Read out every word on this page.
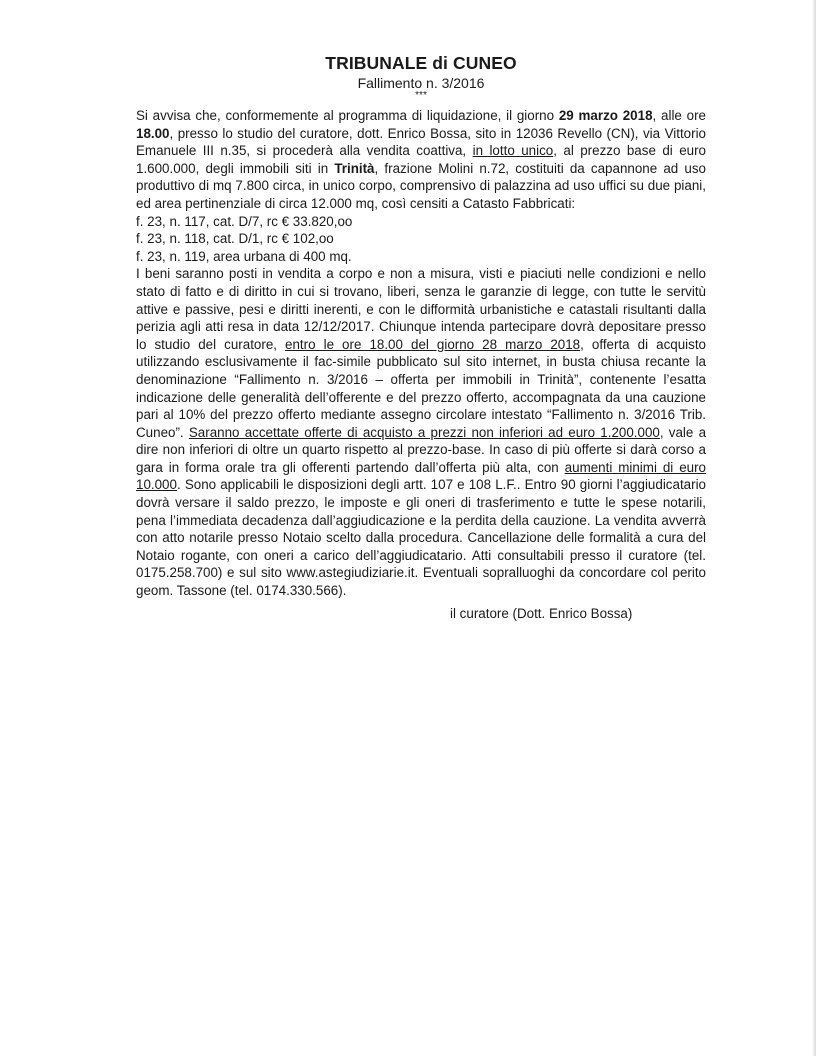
TRIBUNALE di CUNEO

Fallimento n. 3/2016

***

Si avvisa che, conformemente al programma di liquidazione, il giorno 29 marzo 2018, alle ore 18.00, presso lo studio del curatore, dott. Enrico Bossa, sito in 12036 Revello (CN), via Vittorio Emanuele III n.35, si procederà alla vendita coattiva, in lotto unico, al prezzo base di euro 1.600.000, degli immobili siti in Trinità, frazione Molini n.72, costituiti da capannone ad uso produttivo di mq 7.800 circa, in unico corpo, comprensivo di palazzina ad uso uffici su due piani, ed area pertinenziale di circa 12.000 mq, così censiti a Catasto Fabbricati:

f. 23, n. 117, cat. D/7, rc € 33.820,oo
f. 23, n. 118, cat. D/1, rc € 102,oo
f. 23, n. 119, area urbana di 400 mq.

I beni saranno posti in vendita a corpo e non a misura, visti e piaciuti nelle condizioni e nello stato di fatto e di diritto in cui si trovano, liberi, senza le garanzie di legge, con tutte le servitù attive e passive, pesi e diritti inerenti, e con le difformità urbanistiche e catastali risultanti dalla perizia agli atti resa in data 12/12/2017. Chiunque intenda partecipare dovrà depositare presso lo studio del curatore, entro le ore 18.00 del giorno 28 marzo 2018, offerta di acquisto utilizzando esclusivamente il fac-simile pubblicato sul sito internet, in busta chiusa recante la denominazione “Fallimento n. 3/2016 – offerta per immobili in Trinità”, contenente l’esatta indicazione delle generalità dell’offerente e del prezzo offerto, accompagnata da una cauzione pari al 10% del prezzo offerto mediante assegno circolare intestato “Fallimento n. 3/2016 Trib. Cuneo”. Saranno accettate offerte di acquisto a prezzi non inferiori ad euro 1.200.000, vale a dire non inferiori di oltre un quarto rispetto al prezzo-base. In caso di più offerte si darà corso a gara in forma orale tra gli offerenti partendo dall’offerta più alta, con aumenti minimi di euro 10.000. Sono applicabili le disposizioni degli artt. 107 e 108 L.F.. Entro 90 giorni l’aggiudicatario dovrà versare il saldo prezzo, le imposte e gli oneri di trasferimento e tutte le spese notarili, pena l’immediata decadenza dall’aggiudicazione e la perdita della cauzione. La vendita avverrà con atto notarile presso Notaio scelto dalla procedura. Cancellazione delle formalità a cura del Notaio rogante, con oneri a carico dell’aggiudicatario. Atti consultabili presso il curatore (tel. 0175.258.700) e sul sito www.astegiudiziarie.it. Eventuali sopralluoghi da concordare col perito geom. Tassone (tel. 0174.330.566).

il curatore (Dott. Enrico Bossa)
